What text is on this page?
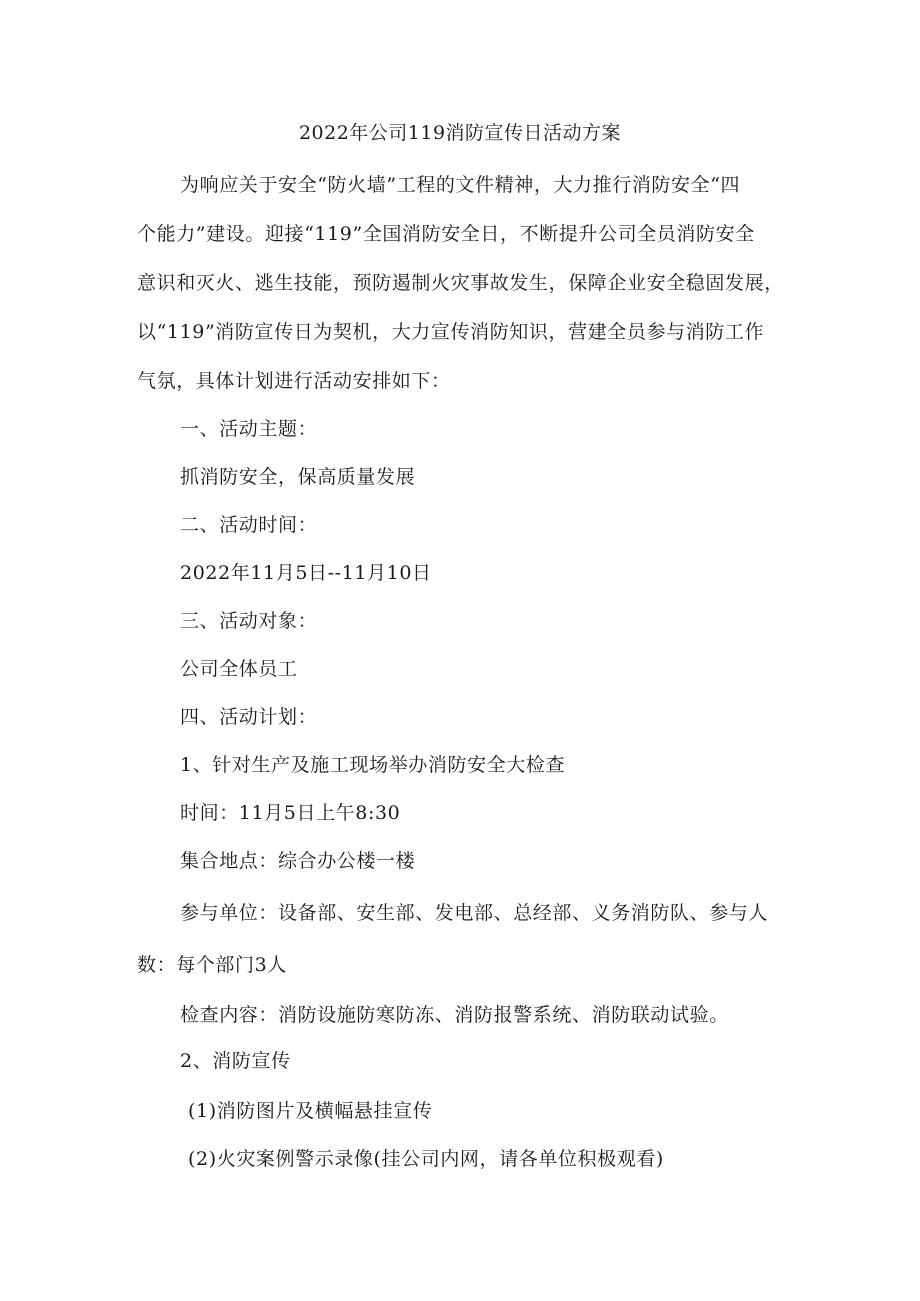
2022年公司119消防宣传日活动方案
为响应关于安全“防火墙”工程的文件精神，大力推行消防安全“四
个能力”建设。迎接“119”全国消防安全日，不断提升公司全员消防安全
意识和灭火、逃生技能，预防遏制火灾事故发生，保障企业安全稳固发展，
以“119”消防宣传日为契机，大力宣传消防知识，营建全员参与消防工作
气氛，具体计划进行活动安排如下：
一、活动主题：
抓消防安全，保高质量发展
二、活动时间：
2022年11月5日--11月10日
三、活动对象：
公司全体员工
四、活动计划：
1、针对生产及施工现场举办消防安全大检查
时间：11月5日上午8:30
集合地点：综合办公楼一楼
参与单位：设备部、安生部、发电部、总经部、义务消防队、参与人
数：每个部门3人
检查内容：消防设施防寒防冻、消防报警系统、消防联动试验。
2、消防宣传
(1)消防图片及横幅悬挂宣传
(2)火灾案例警示录像(挂公司内网，请各单位积极观看)
